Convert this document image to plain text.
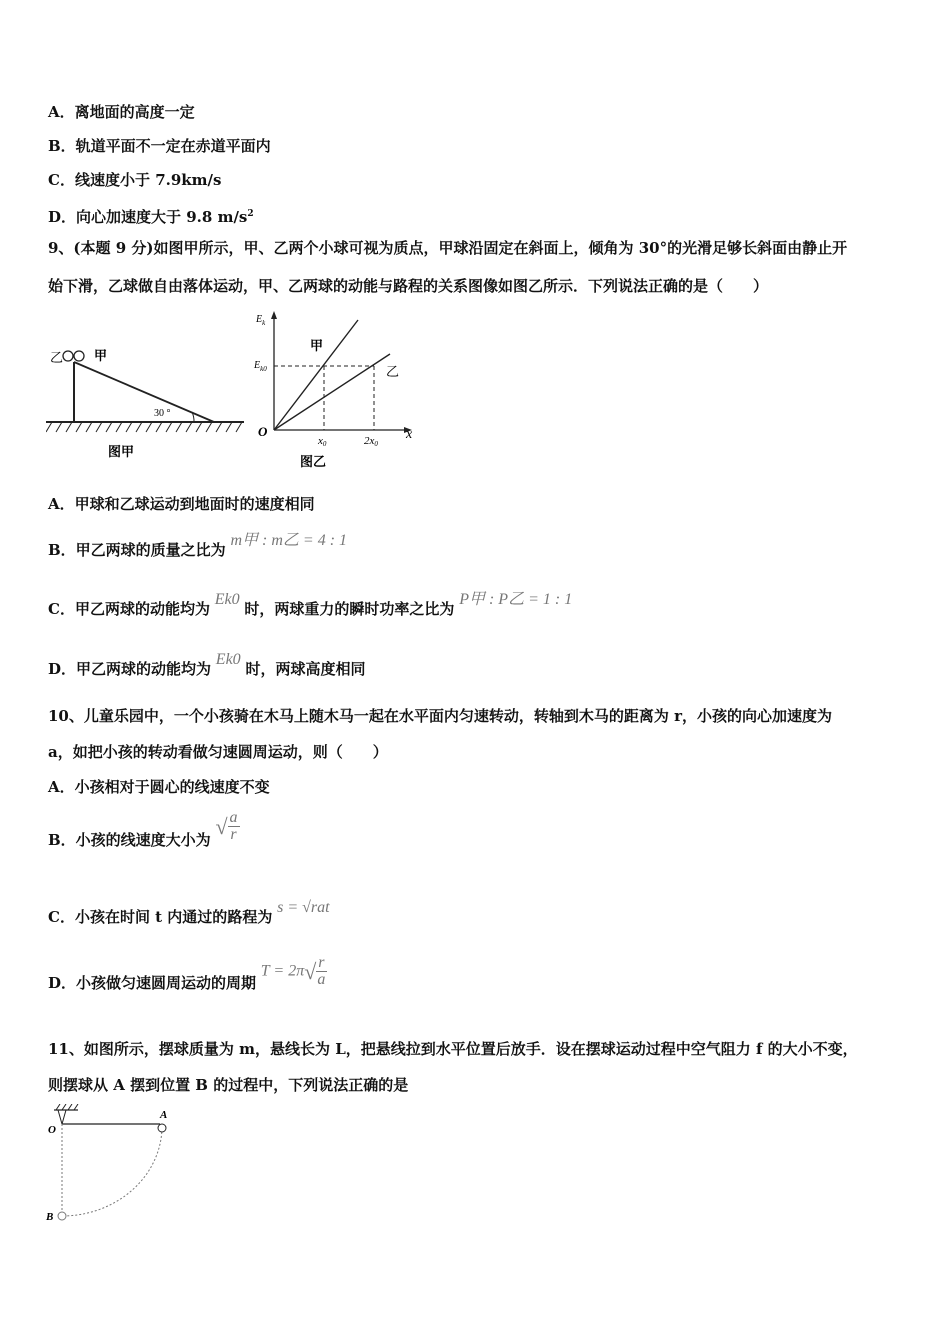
A．离地面的高度一定
B．轨道平面不一定在赤道平面内
C．线速度小于 7.9km/s
D．向心加速度大于 9.8 $m/s^2$
9、(本题 9 分)如图甲所示，甲、乙两个小球可视为质点，甲球沿固定在斜面上，倾角为 30°的光滑足够长斜面由静止开
始下滑，乙球做自由落体运动，甲、乙两球的动能与路程的关系图像如图乙所示．下列说法正确的是（　　）
乙 甲
30 °
图甲
$E_k$
$E_{k0}$
O	x
x0	2x0
甲
乙
图乙
A．甲球和乙球运动到地面时的速度相同
B．甲乙两球的质量之比为 m甲 : m乙 = 4 : 1
C．甲乙两球的动能均为 Ek0 时，两球重力的瞬时功率之比为 P甲 : P乙 = 1 : 1
D．甲乙两球的动能均为 Ek0 时，两球高度相同
10、儿童乐园中，一个小孩骑在木马上随木马一起在水平面内匀速转动，转轴到木马的距离为 r，小孩的向心加速度为
a，如把小孩的转动看做匀速圆周运动，则（　　）
A．小孩相对于圆心的线速度不变
B．小孩的线速度大小为 √ $\frac{a}{r}$
C．小孩在时间 t 内通过的路程为 s = √rat
D．小孩做匀速圆周运动的周期 $T = 2\pi√ \frac{r}{a}$
11、如图所示，摆球质量为 m，悬线长为 L，把悬线拉到水平位置后放手．设在摆球运动过程中空气阻力 f 的大小不变，
则摆球从 A 摆到位置 B 的过程中，下列说法正确的是
O
A
B
